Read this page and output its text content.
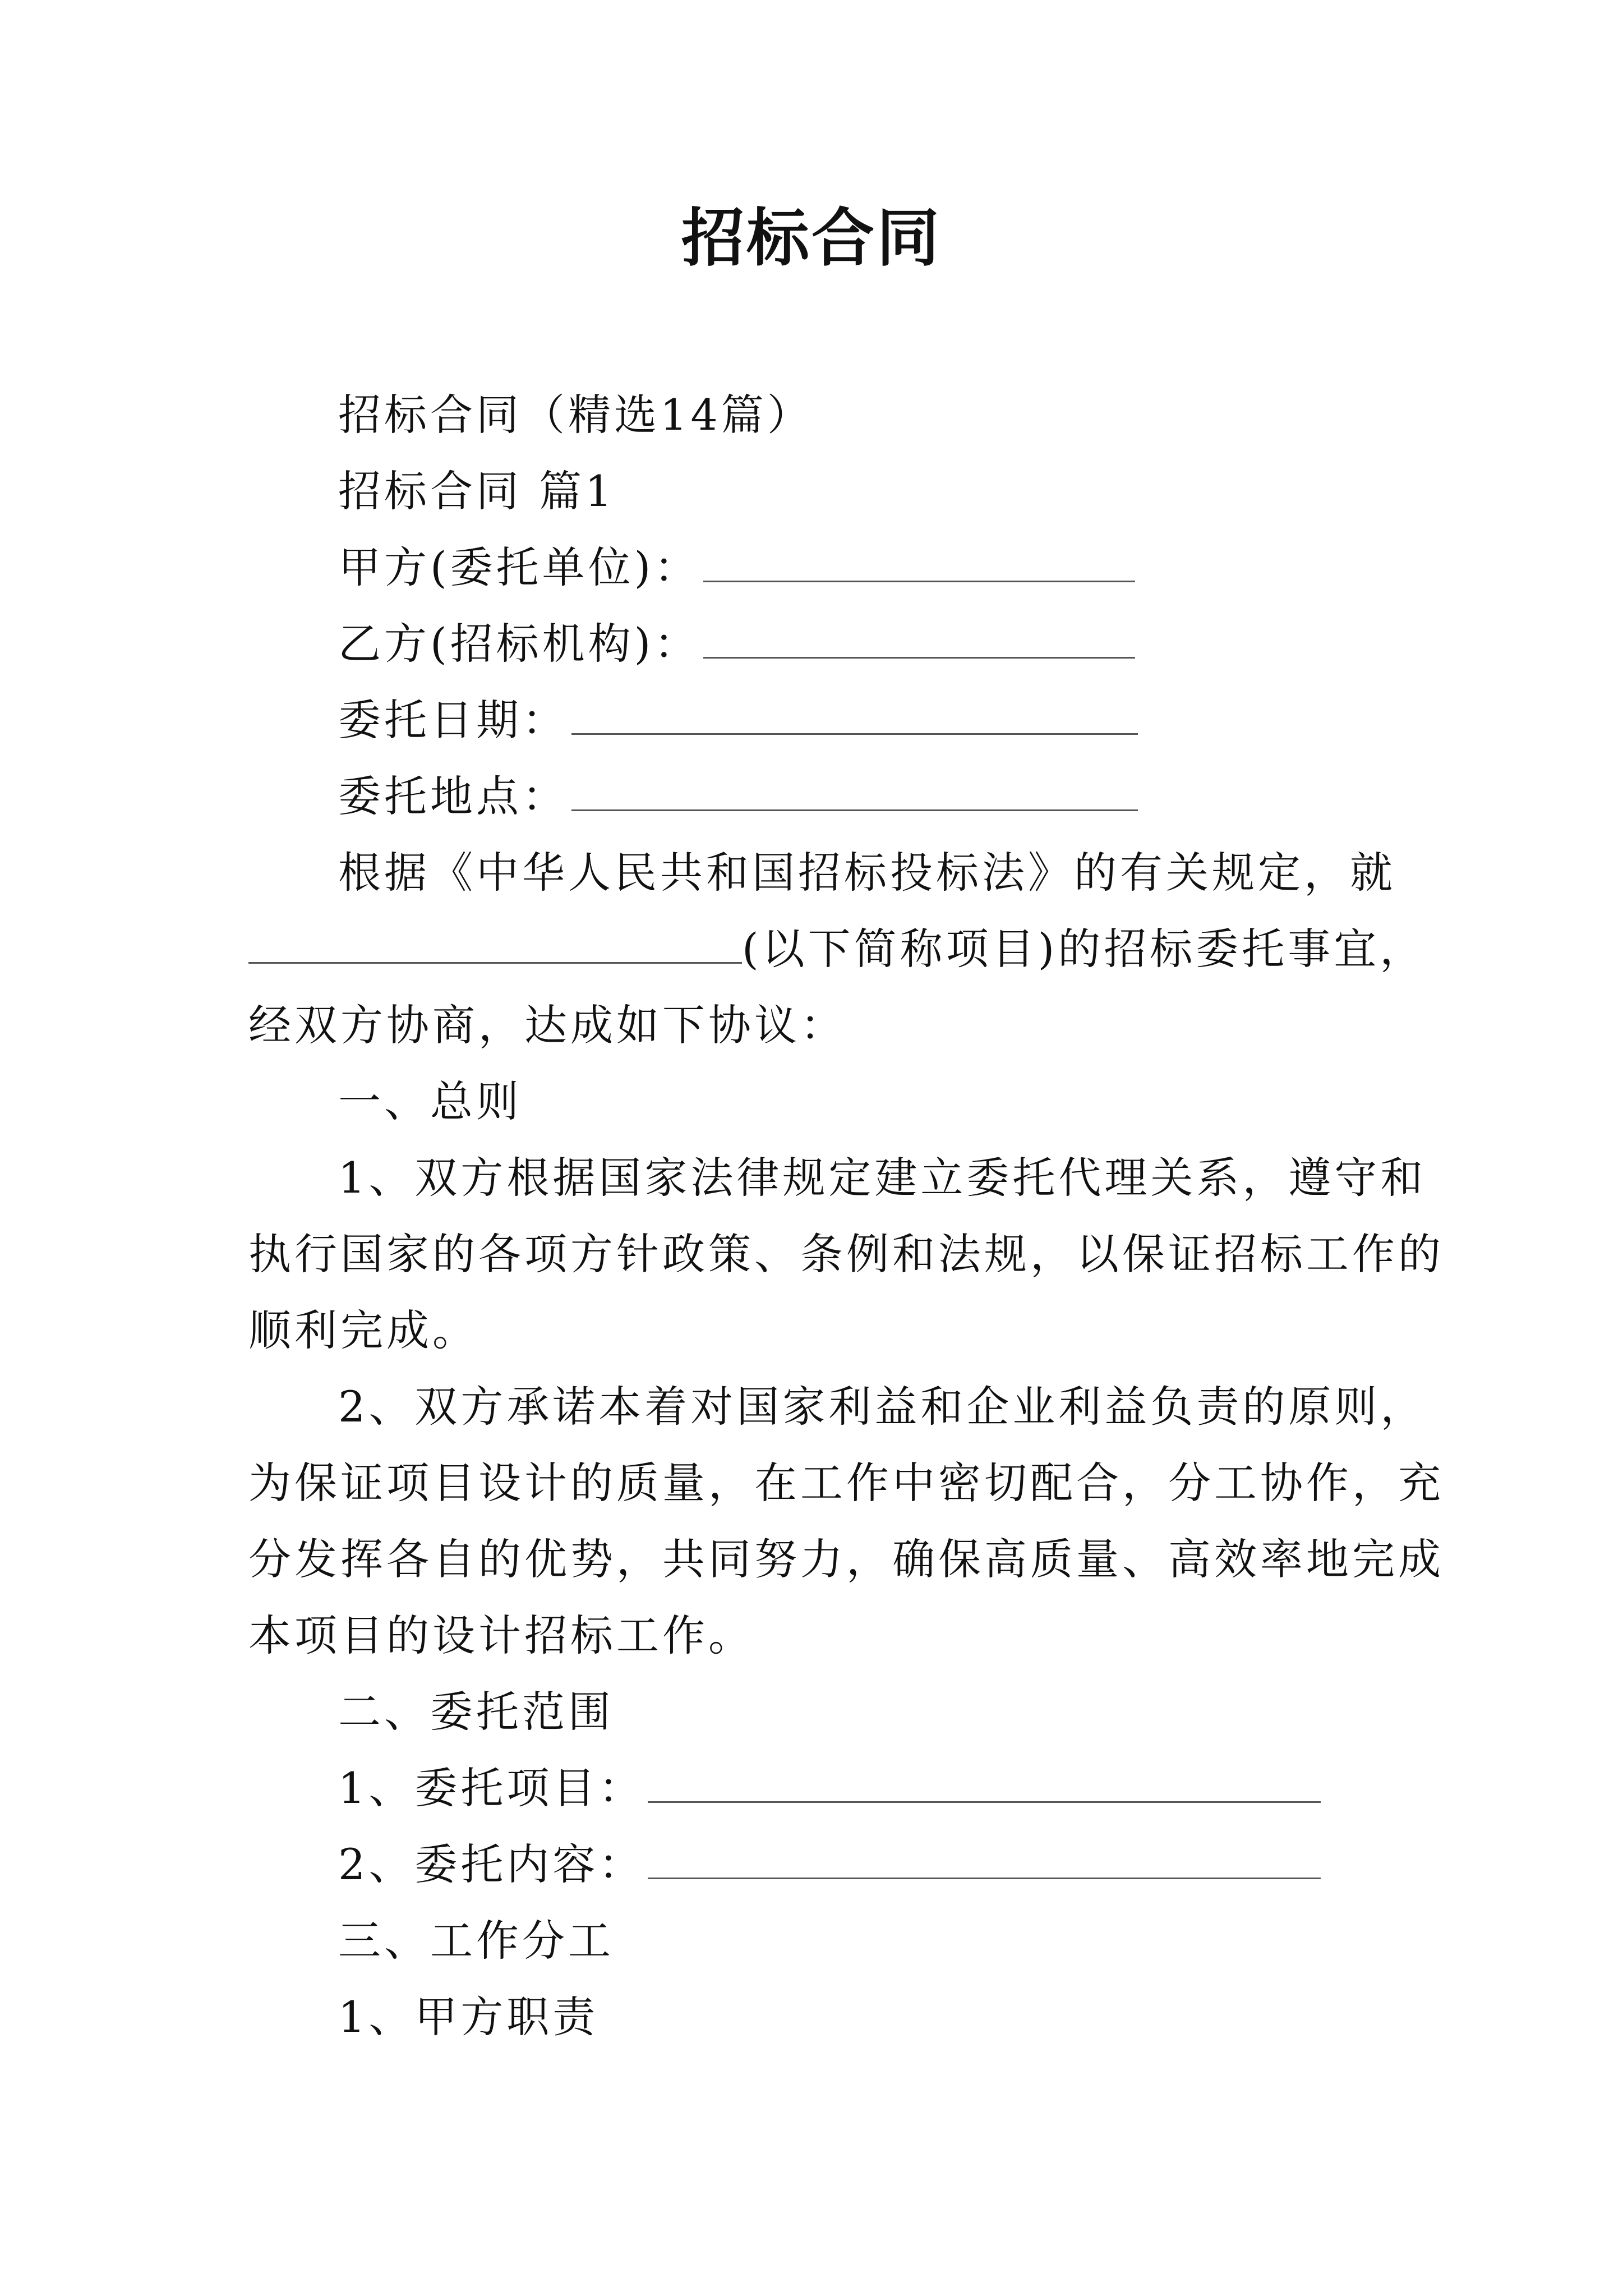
招标合同
招标合同（精选14篇）
招标合同 篇1
甲方(委托单位)：
乙方(招标机构)：
委托日期：
委托地点：
根据《中华人民共和国招标投标法》的有关规定，就
(以下简称项目)的招标委托事宜，
经双方协商，达成如下协议：
一、总则
1、双方根据国家法律规定建立委托代理关系，遵守和
执行国家的各项方针政策、条例和法规，以保证招标工作的
顺利完成。
2、双方承诺本着对国家利益和企业利益负责的原则，
为保证项目设计的质量，在工作中密切配合，分工协作，充
分发挥各自的优势，共同努力，确保高质量、高效率地完成
本项目的设计招标工作。
二、委托范围
1、委托项目：
2、委托内容：
三、工作分工
1、甲方职责
